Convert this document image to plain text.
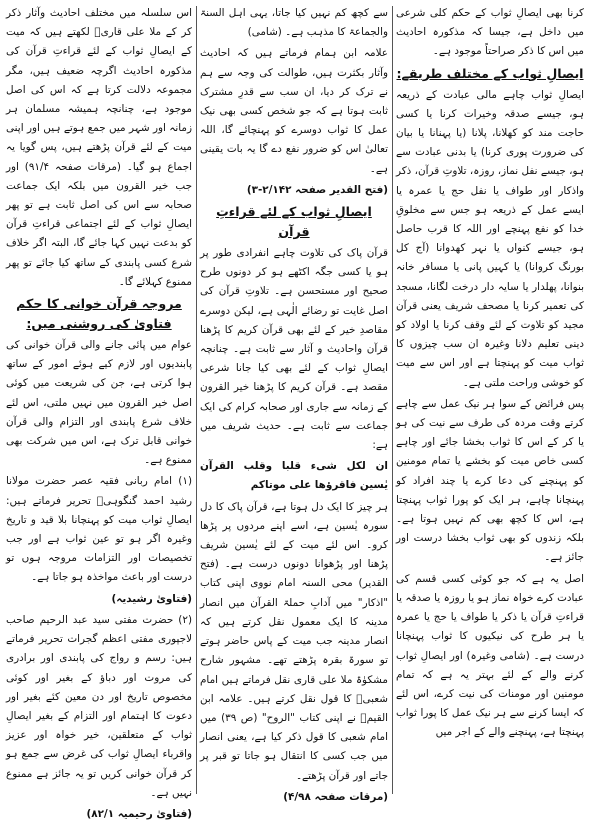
کرنا بھی ایصالِ ثواب کے حکم کلی شرعی میں داخل ہے، جیسا کہ مذکورہ احادیث میں اس کا ذکر صراحتاً موجود ہے۔

ایصالِ ثواب کے مختلف طریقے:

ایصالِ ثواب چاہے مالی عبادت کے ذریعہ ہو، جیسے صدقہ وخیرات کرنا یا کسی حاجت مند کو کھلانا، پلانا (یا پہنانا یا بیان کی ضرورت پوری کرنا) یا بدنی عبادت سے ہو، جیسے نفل نماز، روزہ، تلاوتِ قرآن، ذکر واذکار اور طواف یا نفل حج یا عمرہ یا ایسے عمل کے ذریعہ ہو جس سے مخلوقِ خدا کو نفع پہنچے اور اللہ کا قرب حاصل ہو، جیسے کنواں یا نہر کھدوانا (آج کل بورنگ کروانا) یا کہیں پانی یا مسافر خانہ بنوانا، پھلدار یا سایہ دار درخت لگانا، مسجد کی تعمیر کرنا یا مصحف شریف یعنی قرآن مجید کو تلاوت کے لئے وقف کرنا یا اولاد کو دینی تعلیم دلانا وغیرہ ان سب چیزوں کا ثواب میت کو پہنچتا ہے اور اس سے میت کو خوشی وراحت ملتی ہے۔

پس فرائض کے سوا ہر نیک عمل سے چاہے کرتے وقت مردہ کی طرف سے نیت کی ہو یا کر کے اس کا ثواب بخشا جائے اور چاہے کسی خاص میت کو بخشے یا تمام مومنین کو پہنچنے کی دعا کرے یا چند افراد کو پہنچانا چاہے، ہر ایک کو پورا ثواب پہنچتا ہے، اس کا کچھ بھی کم نہیں ہوتا ہے۔ بلکہ زندوں کو بھی ثواب بخشا درست اور جائز ہے۔

اصل یہ ہے کہ جو کوئی کسی قسم کی عبادت کرے خواہ نماز ہو یا روزہ یا صدقہ یا قراءتِ قرآن یا ذکر یا طواف یا حج یا عمرہ یا ہر طرح کی نیکیوں کا ثواب پہنچانا درست ہے۔ (شامی وغیرہ) اور ایصالِ ثواب کرنے والے کے لئے بہتر یہ ہے کہ تمام مومنین اور مومنات کی نیت کرے، اس لئے کہ ایسا کرنے سے ہر نیک عمل کا پورا ثواب پہنچتا ہے، پہنچنے والے کے اجر میں

سے کچھ کم نہیں کیا جاتا، یہی اہل السنۃ والجماعۃ کا مذہب ہے۔ (شامی)

علامہ ابن ہمام فرماتے ہیں کہ احادیث وآثار بکثرت ہیں، طوالت کی وجہ سے ہم نے ترک کر دیا، ان سب سے قدرِ مشترک ثابت ہوتا ہے کہ جو شخص کسی بھی نیک عمل کا ثواب دوسرے کو پہنچائے گا، اللہ تعالیٰ اس کو ضرور نفع دے گا یہ بات یقینی ہے۔

(فتح القدیر صفحہ ۲/۱۴۲-۳)

ایصالِ ثواب کے لئے قراءتِ قرآن

قرآن پاک کی تلاوت چاہے انفرادی طور پر ہو یا کسی جگہ اکٹھے ہو کر دونوں طرح صحیح اور مستحسن ہے۔ تلاوتِ قرآن کی اصل غایت تو رضائے الٰہی ہے، لیکن دوسرے مقاصدِ خیر کے لئے بھی قرآن کریم کا پڑھنا قرآن واحادیث و آثار سے ثابت ہے۔ چنانچہ ایصالِ ثواب کے لئے بھی کیا جانا شرعی مقصد ہے۔ قرآن کریم کا پڑھنا خیر القرون کے زمانہ سے جاری اور صحابہ کرام کی ایک جماعت سے ثابت ہے۔ حدیث شریف میں ہے:

ان لکل شیء قلبا وقلب القرآن یٰسین فاقرؤھا علی موتاکم

ہر چیز کا ایک دل ہوتا ہے، قرآن پاک کا دل سورہ یٰسین ہے، اسے اپنے مردوں پر پڑھا کرو۔ اس لئے میت کے لئے یٰسین شریف پڑھنا اور پڑھوانا دونوں درست ہے۔ (فتح القدیر) محی السنہ امام نووی اپنی کتاب "اذکار" میں آدابِ حملۃ القرآن میں انصار مدینہ کا ایک معمول نقل کرتے ہیں کہ انصار مدینہ جب میت کے پاس حاضر ہوتے تو سورۃ بقرہ پڑھتے تھے۔ مشہور شارح مشکوٰۃ ملا علی قاری نقل فرماتے ہیں امام شعبیؒ کا قول نقل کرتے ہیں۔ علامہ ابن القیمؒ نے اپنی کتاب "الروح" (ص ۳۹) میں امام شعبی کا قول ذکر کیا ہے، یعنی انصار میں جب کسی کا انتقال ہو جاتا تو قبر پر جاتے اور قرآن پڑھتے۔

(مرقات صفحہ ۴/۹۸)

اس سلسلہ میں مختلف احادیث وآثار ذکر کر کے ملا علی قاریؒ لکھتے ہیں کہ میت کے ایصالِ ثواب کے لئے قراءتِ قرآن کی مذکورہ احادیث اگرچہ ضعیف ہیں، مگر مجموعہ دلالت کرتا ہے کہ اس کی اصل موجود ہے، چنانچہ ہمیشہ مسلمان ہر زمانہ اور شہر میں جمع ہوتے ہیں اور اپنی میت کے لئے قرآن پڑھتے ہیں، پس گویا یہ اجماع ہو گیا۔ (مرقات صفحہ ۹۱/۴) اور جب خیر القرون میں بلکہ ایک جماعت صحابہ سے اس کی اصل ثابت ہے تو پھر ایصالِ ثواب کے لئے اجتماعی قراءتِ قرآن کو بدعت نہیں کہا جائے گا، البتہ اگر خلاف شرع کسی پابندی کے ساتھ کیا جائے تو پھر ممنوع کہلائے گا۔

مروجہ قرآن خوانی کا حکم فتاویٰ کی روشنی میں:

عوام میں پائی جانے والی قرآن خوانی کی پابندیوں اور لازم کیے ہوئے امور کے ساتھ ہوا کرتی ہے، جن کی شریعت میں کوئی اصل خیر القرون میں نہیں ملتی، اس لئے خلاف شرع پابندی اور التزام والی قرآن خوانی قابل ترک ہے، اس میں شرکت بھی ممنوع ہے۔

(۱) امام ربانی فقیہ عصر حضرت مولانا رشید احمد گنگوہیؒ تحریر فرماتے ہیں: ایصالِ ثواب میت کو پہنچانا بلا قید و تاریخ وغیرہ اگر ہو تو عین ثواب ہے اور جب تخصیصات اور التزامات مروجہ ہوں تو درست اور باعث مواخذہ ہو جاتا ہے۔

(فتاویٰ رشیدیہ)

(۲) حضرت مفتی سید عبد الرحیم صاحب لاجپوری مفتی اعظم گجرات تحریر فرماتے ہیں: رسم و رواج کی پابندی اور برادری کی مروت اور دباؤ کے بغیر اور کوئی مخصوص تاریخ اور دن معین کئے بغیر اور دعوت کا اہتمام اور التزام کے بغیر ایصالِ ثواب کے متعلقین، خیر خواہ اور عزیز واقرباء ایصالِ ثواب کی غرض سے جمع ہو کر قرآن خوانی کریں تو یہ جائز ہے ممنوع نہیں ہے۔

(فتاویٰ رحیمیہ ۸۲/۱)
